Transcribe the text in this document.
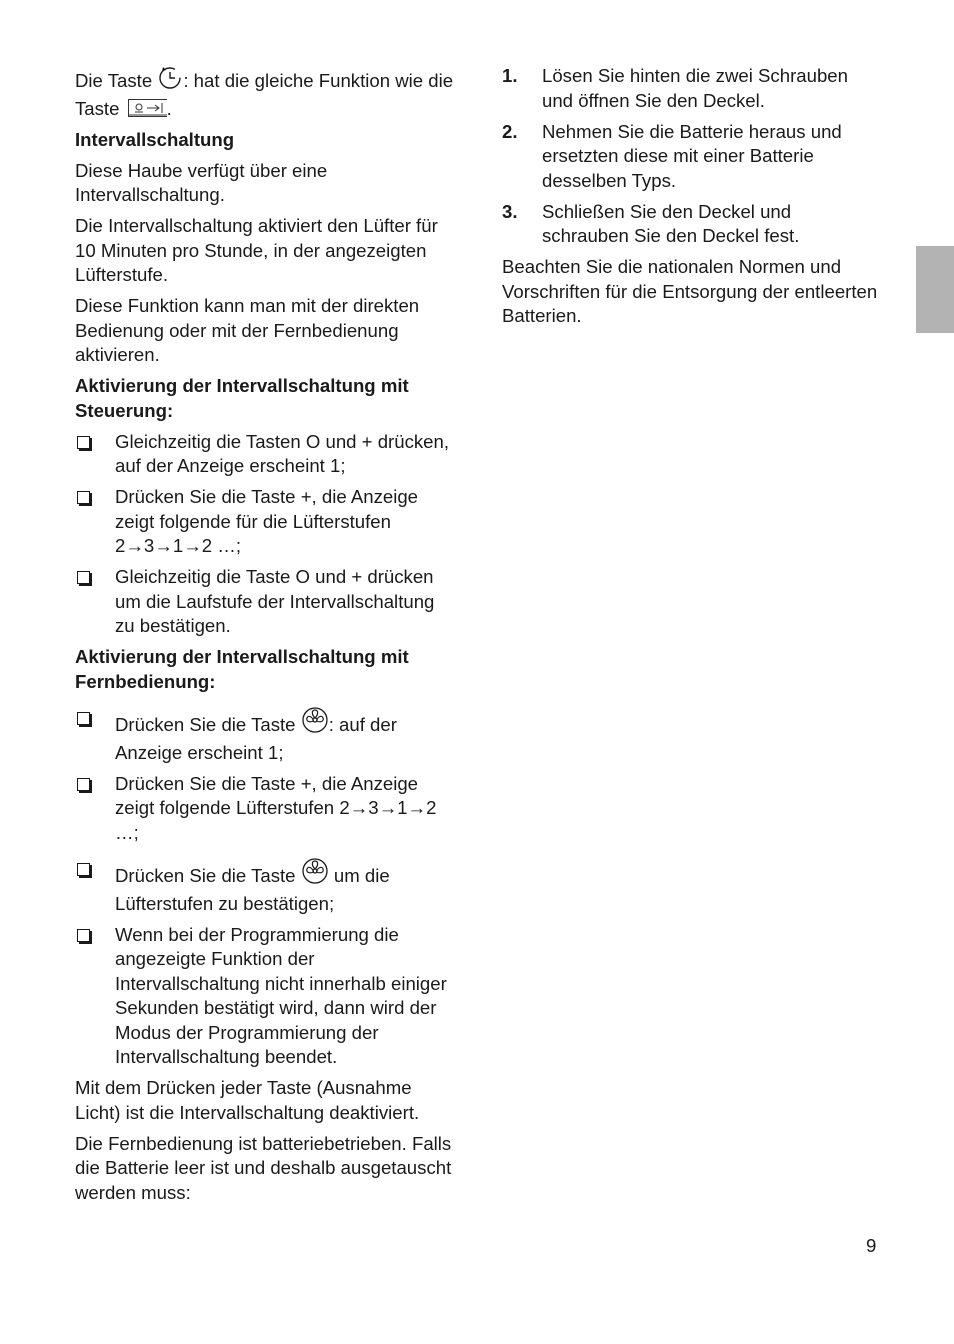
Die Taste : hat die gleiche Funktion wie die Taste
.

Intervallschaltung

Diese Haube verfügt über eine Intervallschaltung.

Die Intervallschaltung aktiviert den Lüfter für 10 Minuten pro Stunde, in der angezeigten Lüfterstufe.

Diese Funktion kann man mit der direkten Bedienung oder mit der Fernbedienung aktivieren.

Aktivierung der Intervallschaltung mit Steuerung:

Gleichzeitig die Tasten O und + drücken, auf der Anzeige erscheint 1;
Drücken Sie die Taste +, die Anzeige zeigt folgende für die Lüfterstufen 2→3→1→2 …;
Gleichzeitig die Taste O und + drücken um die Laufstufe der Intervallschaltung zu bestätigen.

Aktivierung der Intervallschaltung mit Fernbedienung:

Drücken Sie die Taste : auf der Anzeige erscheint 1;
Drücken Sie die Taste +, die Anzeige zeigt folgende Lüfterstufen 2→3→1→2 …;
Drücken Sie die Taste  um die Lüfterstufen zu bestätigen;
Wenn bei der Programmierung die angezeigte Funktion der Intervallschaltung nicht innerhalb einiger Sekunden bestätigt wird, dann wird der Modus der Programmierung der Intervallschaltung beendet.

Mit dem Drücken jeder Taste (Ausnahme Licht) ist die Intervallschaltung deaktiviert.

Die Fernbedienung ist batteriebetrieben. Falls die Batterie leer ist und deshalb ausgetauscht werden muss:

1. Lösen Sie hinten die zwei Schrauben und öffnen Sie den Deckel.
2. Nehmen Sie die Batterie heraus und ersetzten diese mit einer Batterie desselben Typs.
3. Schließen Sie den Deckel und schrauben Sie den Deckel fest.

Beachten Sie die nationalen Normen und Vorschriften für die Entsorgung der entleerten Batterien.

9
